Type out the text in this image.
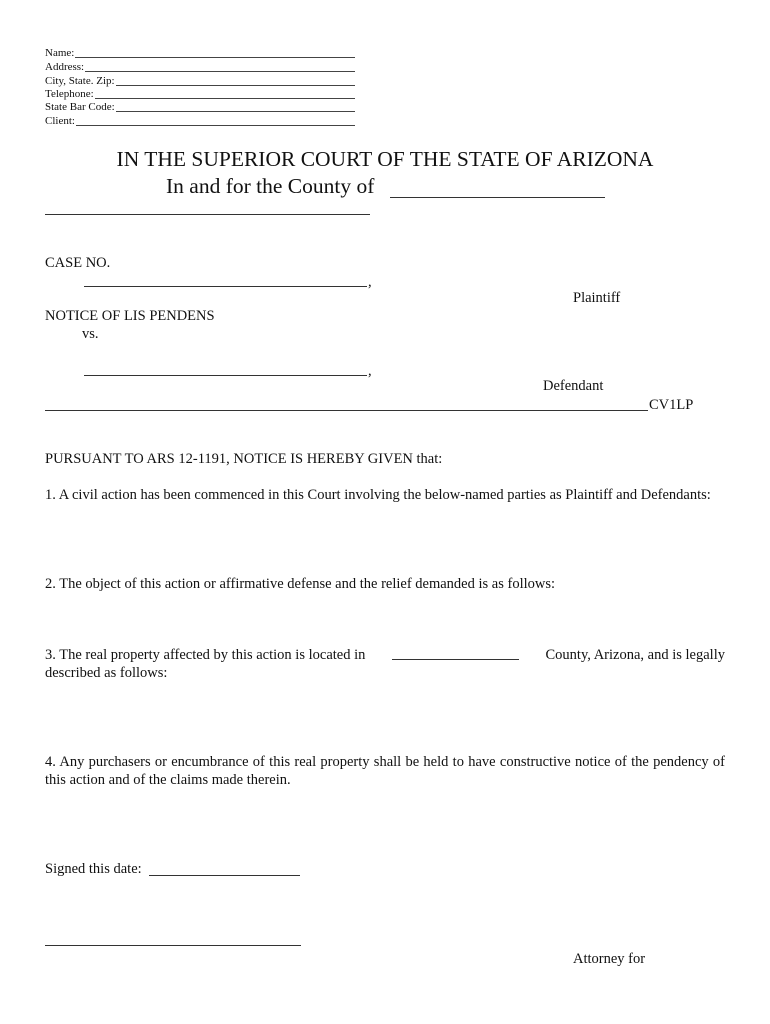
Name:
Address:
City, State. Zip:
Telephone:
State Bar Code:
Client:
IN THE SUPERIOR COURT OF THE STATE OF ARIZONA
In and for the County of
CASE NO.
,
Plaintiff
NOTICE OF LIS PENDENS
vs.
,
Defendant
CV1LP
PURSUANT TO ARS 12-1191, NOTICE IS HEREBY GIVEN that:
1. A civil action has been commenced in this Court involving the below-named parties as Plaintiff and Defendants:
2. The object of this action or affirmative defense and the relief demanded is as follows:
3. The real property affected by this action is located in	County, Arizona, and is legally
described as follows:
4. Any purchasers or encumbrance of this real property shall be held to have constructive notice of the pendency of this action and of the claims made therein.
Signed this date:
Attorney for
